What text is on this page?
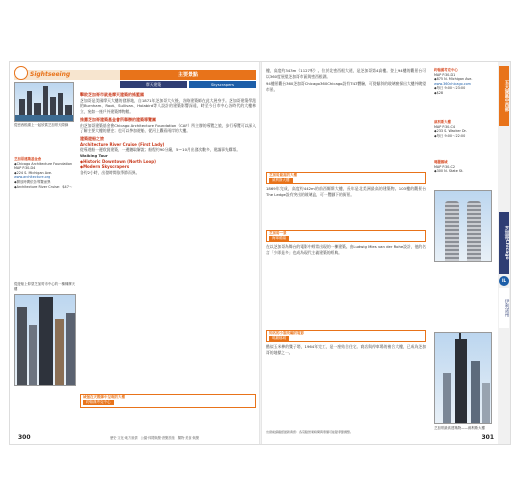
Sightseeing	主要景點
摩天建築	Skyscrapers
從密西根湖上一起欣賞芝加哥天際線
芝加哥建築基金會
◆Chicago Architecture Foundation
MAP P.30-D4
◆224 S. Michigan Ave.
www.architecture.org
◆開放時間依各導覽而異
◆Architecture River Cruise：$47～
從遊船上仰望芝加哥市中心的一棟棟摩天樓
擊敗芝加哥市就是摩天建築的搖籃國

芝加哥是美國摩天大樓的發源地，自1871年芝加哥大火後，各路建築師在此大展身手。芝加哥建築學派的Burnham、Root、Sullivan、Holabird等人設計的建築影響深遠，時至今日市中心各時代的大樓林立，宛如一座戶外建築博物館。

推薦芝加哥建築基金會所舉辦的建築導覽團

由芝加哥建築基金會Chicago Architecture Foundation（CAF）所主辦的導覽之旅，步行導覽可以深入了解主要大樓的歷史；也可以參加遊船，從河上觀看兩岸的大樓。

建築遊船之旅
Architecture River Cruise (First Lady)

從導遊船一邊欣賞建築，一邊聽取解說；船程約90分鐘，5～10月出發次數多，建議事先購票。

Walking Tour
◆Historic Downtown (North Loop)
◆Modern Skyscrapers

各約2小時，出發時間依季節而異。

城堡在天際線中呈現的大樓
約翰漢考克中心
歷史·文化·地方風情　公園·休閒娛樂·遊樂設施　購物·美食·娛樂
300

樓，高度約343m（1127呎）。位於北密西根大道，是芝加哥第4高樓。登上94樓的觀景台可以360度展望芝加哥市區與密西根湖。

94樓景觀台360芝加哥Chicago360Chicago設有TILT體驗，可從傾斜的玻璃窗探出大樓外眺望市景。

芝加哥最高的大樓
威利斯大樓
1869年完成，高度約442m的前西爾斯大樓，長年是北美洲最高的建築物。103樓的觀景台The Ledge設有突出的玻璃盒，可一覽腳下的街景。
芝加哥一景
海軍碼頭
在以芝加哥為舞台的電影中經常出現的一棟建築。由Ludwig Mies van der Rohe設計，他的名言「少即是多」也成為現代主義建築的經典。
知名的小說改編的電影
瑪麗娜城
酷似玉米棒的雙子塔，1964年完工，是一座結合住宅、商店與停車場的複合大樓，已成為芝加哥的地標之一。
約翰漢考克中心
MAP P.30-D1
◆875 N. Michigan Ave.
www.360chicago.com
◆每日 9:00～23:00
◆$28
威利斯大樓
MAP P.30-C4
◆233 S. Wacker Dr.
◆每日 9:00～22:00
瑪麗娜城
MAP P.30-C2
◆300 N. State St.
芝加哥最高建築物——威利斯大樓
五大湖區中西部
芝加哥Chicago
IL
伊利諾州
出發前請確認最新資訊：各景點營業時間與票價可能隨季節調整。
301
